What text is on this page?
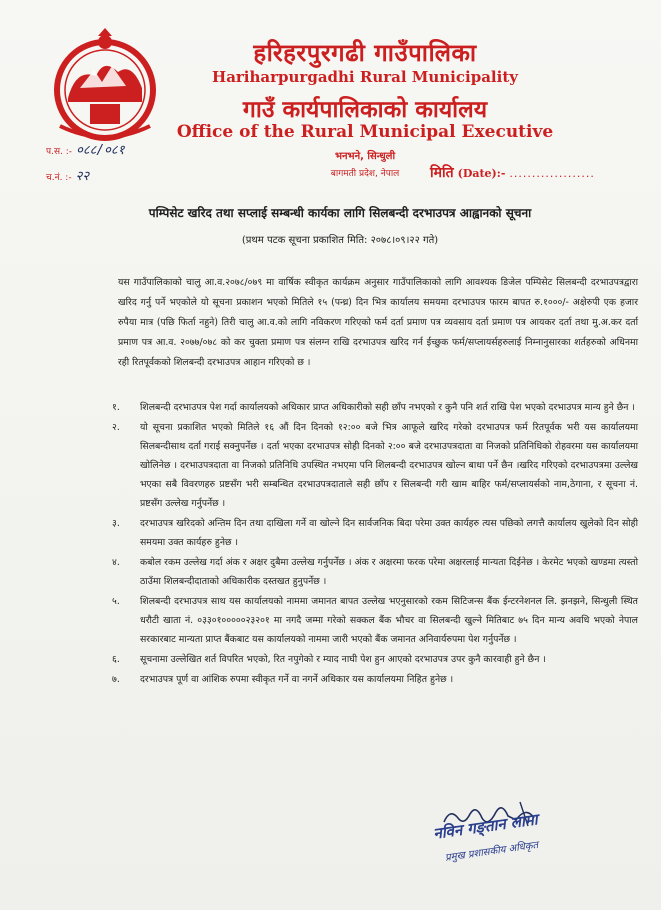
हरिहरपुरगढी गाउँपालिका
Hariharpurgadhi Rural Municipality
गाउँ कार्यपालिकाको कार्यालय
Office of the Rural Municipal Executive
भनभने, सिन्धुली
बागमती प्रदेश, नेपाल
प.स. :- ०८८/०८१
च.नं. :- २२	मिति (Date):- ...................
पम्पिसेट खरिद तथा सप्लाई सम्बन्धी कार्यका लागि सिलबन्दी दरभाउपत्र आह्वानको सूचना
(प्रथम पटक सूचना प्रकाशित मिति: २०७८।०९।२२ गते)

यस गाउँपालिकाको चालु आ.व.२०७८/०७९ मा वार्षिक स्वीकृत कार्यक्रम अनुसार गाउँपालिकाको लागि आवश्यक डिजेल पम्पिसेट सिलबन्दी दरभाउपत्रद्वारा खरिद गर्नु पर्ने भएकोले यो सूचना प्रकाशन भएको मितिले १५ (पन्ध्र) दिन भित्र कार्यालय समयमा दरभाउपत्र फारम बापत रु.१०००/- अक्षेरुपी एक हजार रुपैया मात्र (पछि फिर्ता नहुने) तिरी चालु आ.व.को लागि नविकरण गरिएको फर्म दर्ता प्रमाण पत्र व्यवसाय दर्ता प्रमाण पत्र आयकर दर्ता तथा मु.अ.कर दर्ता प्रमाण पत्र आ.व. २०७७/०७८ को कर चुक्ता प्रमाण पत्र संलग्न राखि दरभाउपत्र खरिद गर्न ईच्छुक फर्म/सप्लायर्सहरुलाई निम्नानुसारका शर्तहरुको अधिनमा रही रितपूर्वकको शिलबन्दी दरभाउपत्र आहान गरिएको छ ।

१.	शिलबन्दी दरभाउपत्र पेश गर्दा कार्यालयको अधिकार प्राप्त अधिकारीको सही छाँप नभएको र कुनै पनि शर्त राखि पेश भएको दरभाउपत्र मान्य हुने छैन ।
२.	यो सूचना प्रकाशित भएको मितिले १६ औं दिन दिनको १२:०० बजे भित्र आफूले खरिद गरेको दरभाउपत्र फर्म रितपूर्वक भरी यस कार्यालयमा सिलबन्दीसाथ दर्ता गराई सक्नुपर्नेछ । दर्ता भएका दरभाउपत्र सोही दिनको २:०० बजे दरभाउपत्रदाता वा निजको प्रतिनिधिको रोहवरमा यस कार्यालयमा खोलिनेछ । दरभाउपत्रदाता वा निजको प्रतिनिधि उपस्थित नभएमा पनि शिलबन्दी दरभाउपत्र खोल्न बाधा पर्ने छैन ।खरिद गरिएको दरभाउपत्रमा उल्लेख भएका सबै विवरणहरु प्रष्टसँग भरी सम्बन्धित दरभाउपत्रदाताले सही छाँप र सिलबन्दी गरी खाम बाहिर फर्म/सप्लायर्सको नाम,ठेगाना, र सूचना नं. प्रष्टसँग उल्लेख गर्नुपर्नेछ ।
३.	दरभाउपत्र खरिदको अन्तिम दिन तथा दाखिला गर्ने वा खोल्ने दिन सार्वजनिक बिदा परेमा उक्त कार्यहरु त्यस पछिको लगत्तै कार्यालय खुलेको दिन सोही समयमा उक्त कार्यहरु हुनेछ ।
४.	कबोल रकम उल्लेख गर्दा अंक र अक्षर दुबैमा उल्लेख गर्नुपर्नेछ । अंक र अक्षरमा फरक परेमा अक्षरलाई मान्यता दिईनेछ । केरमेट भएको खण्डमा त्यस्तो ठाउँमा शिलबन्दीदाताको अधिकारीक दस्तखत हुनुपर्नेछ ।
५.	शिलबन्दी दरभाउपत्र साथ यस कार्यालयको नाममा जमानत बापत उल्लेख भएनुसारको रकम सिटिजन्स बैंक ईन्टरनेशनल लि. झनझने, सिन्धुली स्थित धरौटी खाता नं. ०३३०१०००००२३२०१ मा नगदै जम्मा गरेको सक्कल बैंक भौचर वा सिलबन्दी खुल्ने मितिबाट ७५ दिन मान्य अवधि भएको नेपाल सरकारबाट मान्यता प्राप्त बैंकबाट यस कार्यालयको नाममा जारी भएको बैंक जमानत अनिवार्यरुपमा पेश गर्नुपर्नेछ ।
६.	सूचनामा उल्लेखित शर्त विपरित भएको, रित नपुगेको र म्याद नाघी पेश हुन आएको दरभाउपत्र उपर कुनै कारवाही हुने छैन ।
७.	दरभाउपत्र पूर्ण वा आंशिक रुपमा स्वीकृत गर्ने वा नगर्ने अधिकार यस कार्यालयमा निहित हुनेछ ।
नविन गङ्तान लामा
प्रमुख प्रशासकीय अधिकृत
